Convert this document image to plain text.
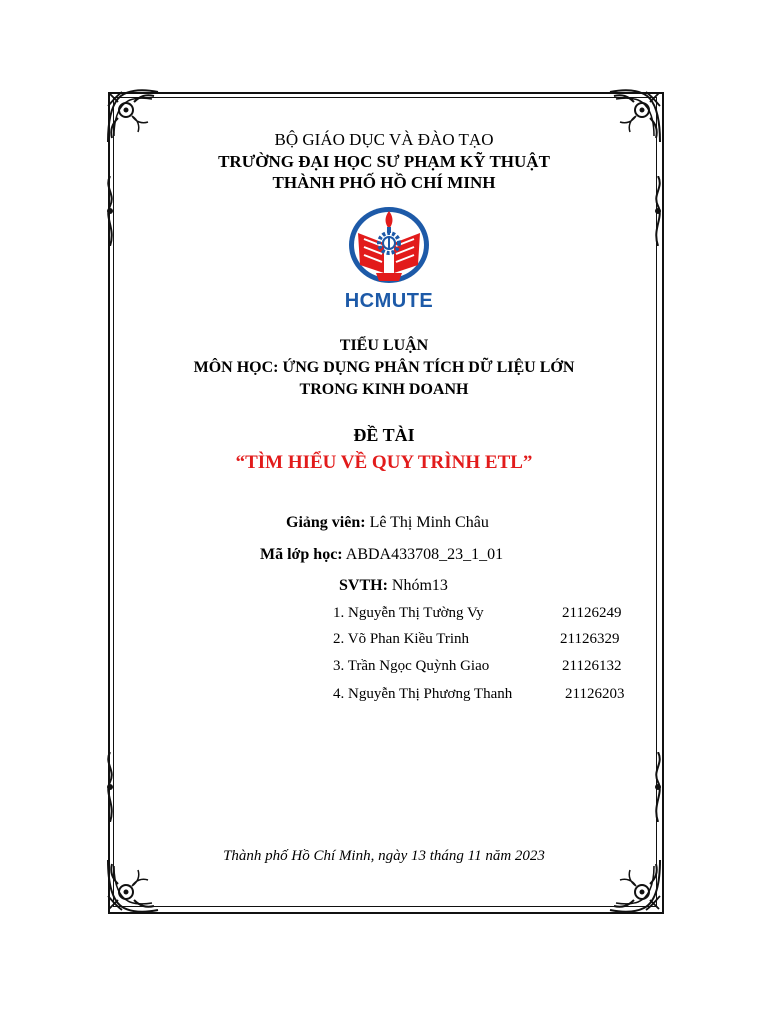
BỘ GIÁO DỤC VÀ ĐÀO TẠO
TRƯỜNG ĐẠI HỌC SƯ PHẠM KỸ THUẬT
THÀNH PHỐ HỒ CHÍ MINH
HCMUTE
TIỂU LUẬN
MÔN HỌC: ỨNG DỤNG PHÂN TÍCH DỮ LIỆU LỚN
TRONG KINH DOANH
ĐỀ TÀI
“TÌM HIỂU VỀ QUY TRÌNH ETL”
Giảng viên: Lê Thị Minh Châu
Mã lớp học: ABDA433708_23_1_01
SVTH: Nhóm13
1. Nguyễn Thị Tường Vy	21126249
2. Võ Phan Kiều Trinh	21126329
3. Trần Ngọc Quỳnh Giao	21126132
4. Nguyễn Thị Phương Thanh	21126203
Thành phố Hồ Chí Minh, ngày 13 tháng 11 năm 2023
